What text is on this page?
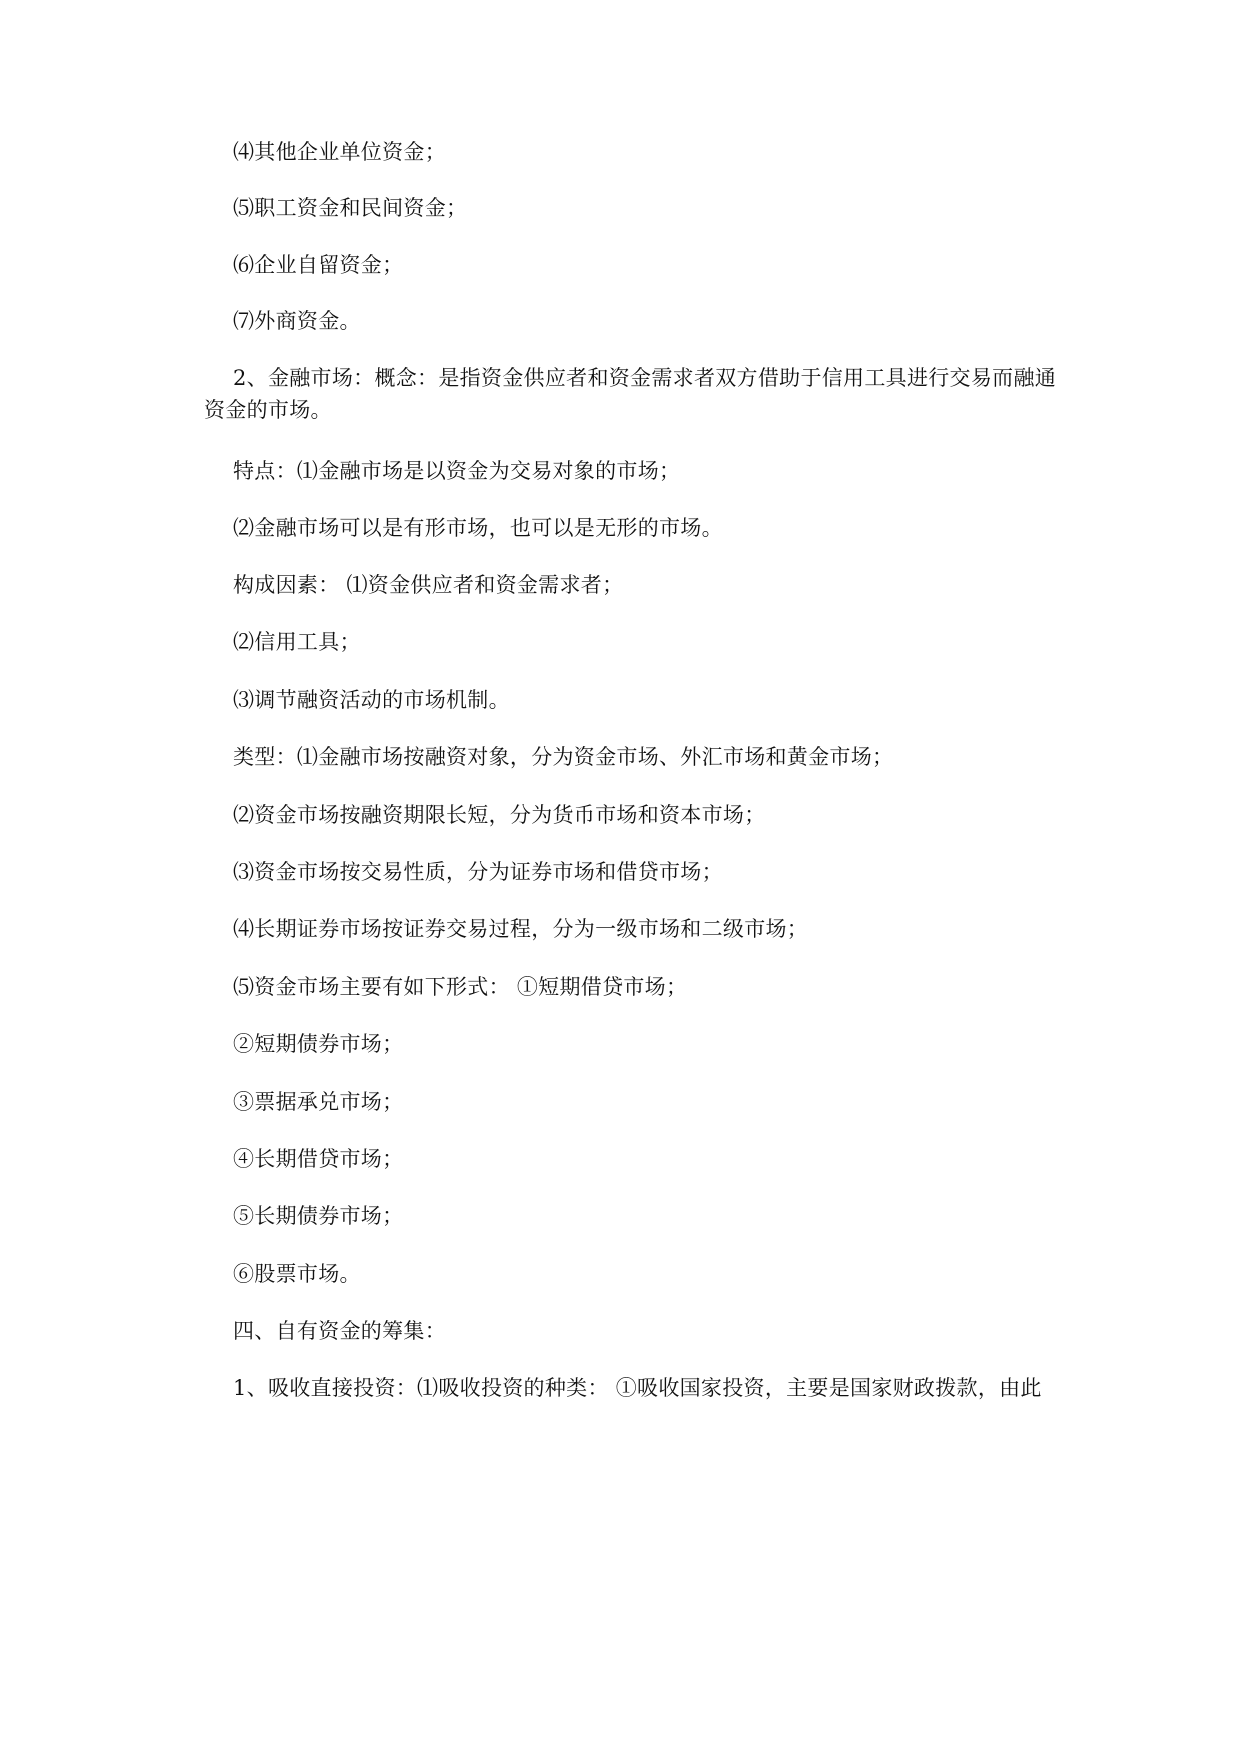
⑷其他企业单位资金；
⑸职工资金和民间资金；
⑹企业自留资金；
⑺外商资金。
2、金融市场：概念：是指资金供应者和资金需求者双方借助于信用工具进行交易而融通资金的市场。
特点：⑴金融市场是以资金为交易对象的市场；
⑵金融市场可以是有形市场，也可以是无形的市场。
构成因素： ⑴资金供应者和资金需求者；
⑵信用工具；
⑶调节融资活动的市场机制。
类型：⑴金融市场按融资对象，分为资金市场、外汇市场和黄金市场；
⑵资金市场按融资期限长短，分为货币市场和资本市场；
⑶资金市场按交易性质，分为证券市场和借贷市场；
⑷长期证券市场按证券交易过程，分为一级市场和二级市场；
⑸资金市场主要有如下形式： ①短期借贷市场；
②短期债券市场；
③票据承兑市场；
④长期借贷市场；
⑤长期债券市场；
⑥股票市场。
四、自有资金的筹集：
1、吸收直接投资：⑴吸收投资的种类： ①吸收国家投资，主要是国家财政拨款，由此
